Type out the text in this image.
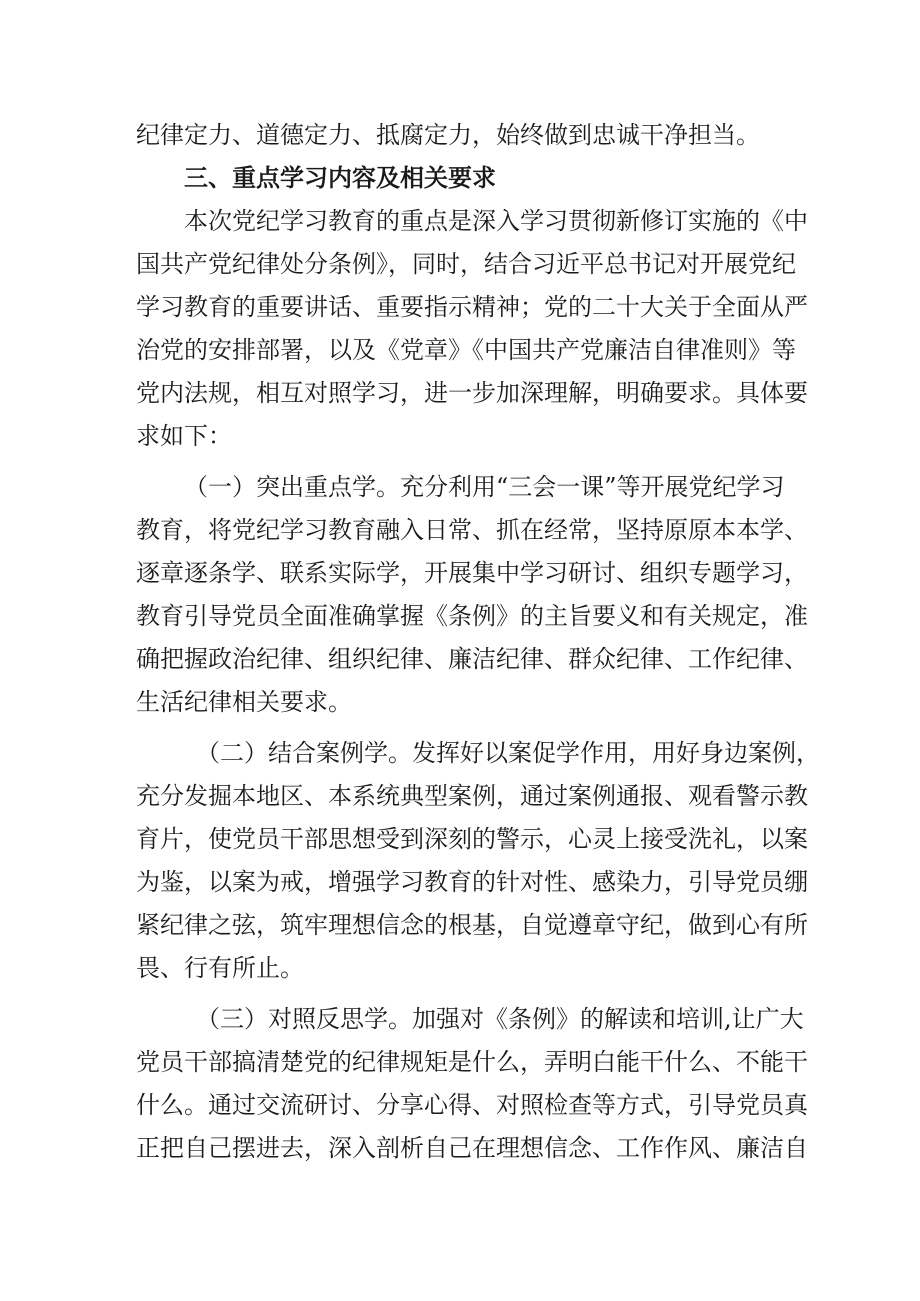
纪律定力、道德定力、抵腐定力，始终做到忠诚干净担当。
三、重点学习内容及相关要求
本次党纪学习教育的重点是深入学习贯彻新修订实施的《中
国共产党纪律处分条例》，同时，结合习近平总书记对开展党纪
学习教育的重要讲话、重要指示精神；党的二十大关于全面从严
治党的安排部署，以及《党章》《中国共产党廉洁自律准则》等
党内法规，相互对照学习，进一步加深理解，明确要求。具体要
求如下：
（一）突出重点学。充分利用“三会一课”等开展党纪学习
教育，将党纪学习教育融入日常、抓在经常，坚持原原本本学、
逐章逐条学、联系实际学，开展集中学习研讨、组织专题学习，
教育引导党员全面准确掌握《条例》的主旨要义和有关规定，准
确把握政治纪律、组织纪律、廉洁纪律、群众纪律、工作纪律、
生活纪律相关要求。
（二）结合案例学。发挥好以案促学作用，用好身边案例，
充分发掘本地区、本系统典型案例，通过案例通报、观看警示教
育片，使党员干部思想受到深刻的警示，心灵上接受洗礼，以案
为鉴，以案为戒，增强学习教育的针对性、感染力，引导党员绷
紧纪律之弦，筑牢理想信念的根基，自觉遵章守纪，做到心有所
畏、行有所止。
（三）对照反思学。加强对《条例》的解读和培训,让广大
党员干部搞清楚党的纪律规矩是什么，弄明白能干什么、不能干
什么。通过交流研讨、分享心得、对照检查等方式，引导党员真
正把自己摆进去，深入剖析自己在理想信念、工作作风、廉洁自
